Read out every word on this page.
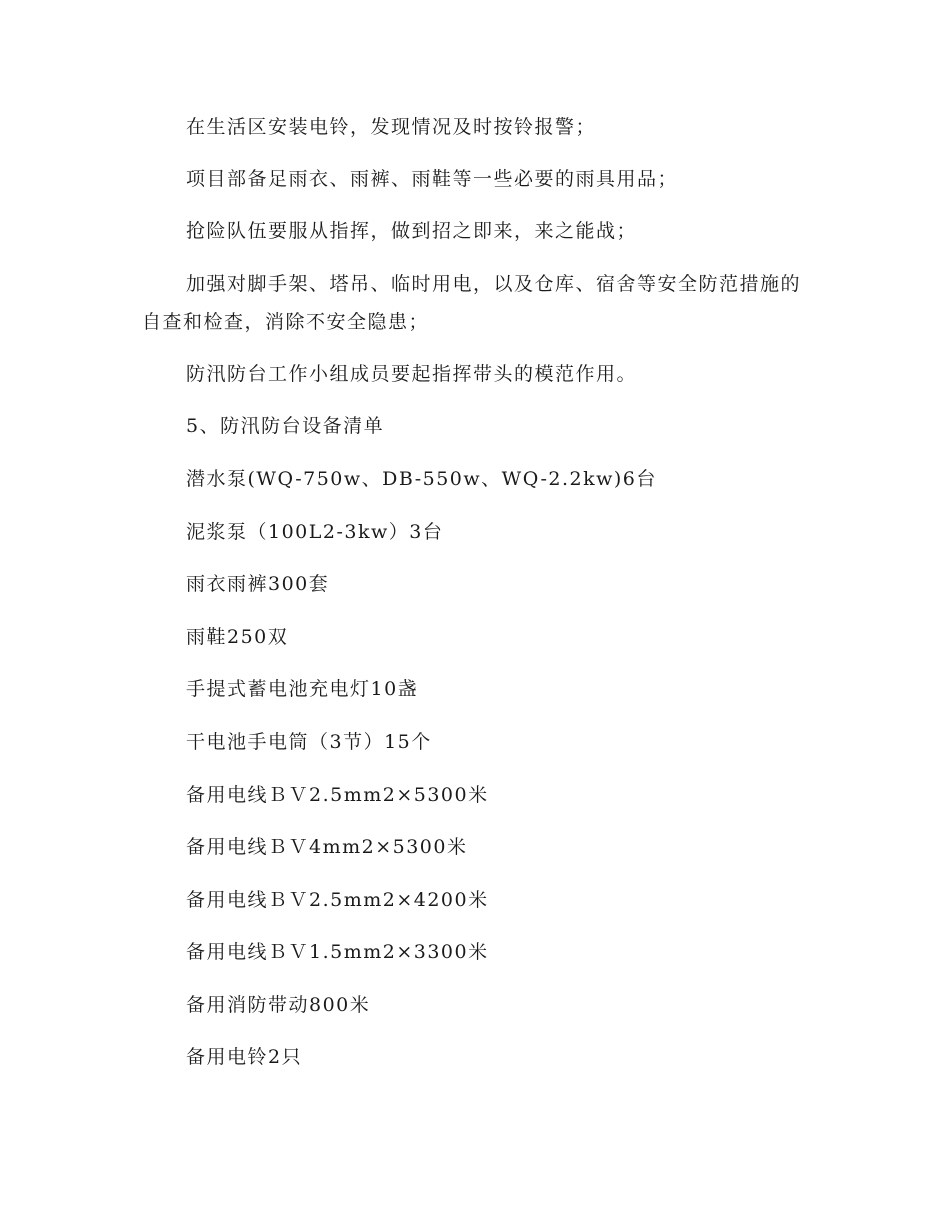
在生活区安装电铃，发现情况及时按铃报警；

项目部备足雨衣、雨裤、雨鞋等一些必要的雨具用品；

抢险队伍要服从指挥，做到招之即来，来之能战；

加强对脚手架、塔吊、临时用电，以及仓库、宿舍等安全防范措施的自查和检查，消除不安全隐患；

防汛防台工作小组成员要起指挥带头的模范作用。

5、防汛防台设备清单

潜水泵(WQ-750w、DB-550w、WQ-2.2kw)6台

泥浆泵（100L2-3kw）3台

雨衣雨裤300套

雨鞋250双

手提式蓄电池充电灯10盏

干电池手电筒（3节）15个

备用电线ＢＶ2.5mm2×5300米

备用电线ＢＶ4mm2×5300米

备用电线ＢＶ2.5mm2×4200米

备用电线ＢＶ1.5mm2×3300米

备用消防带动800米

备用电铃2只
